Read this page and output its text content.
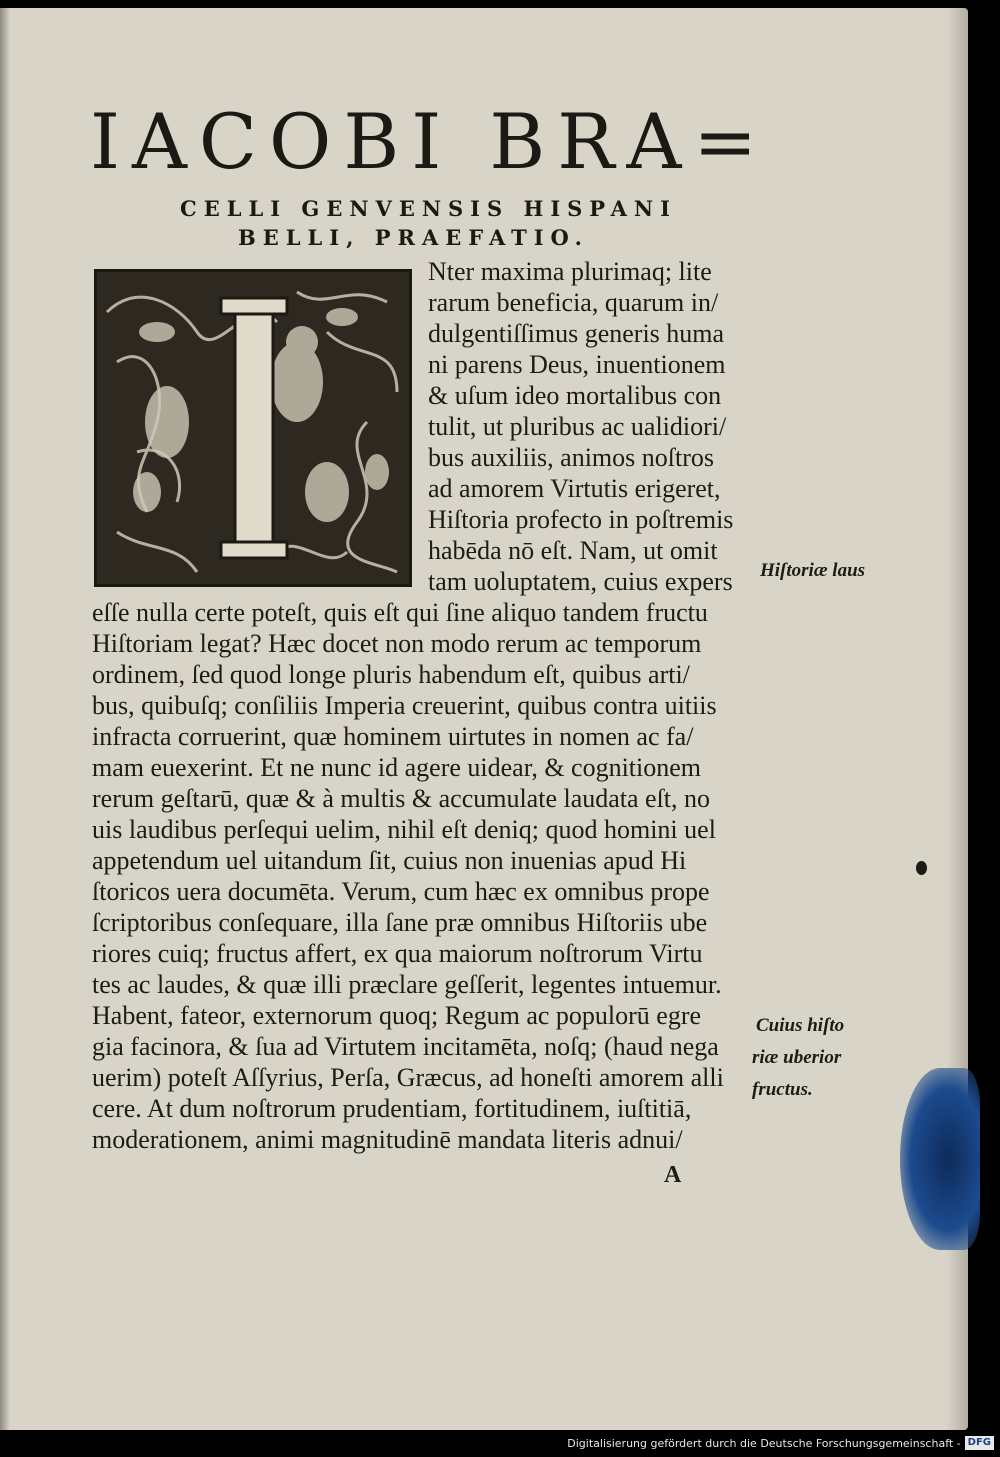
IACOBI BRA=
CELLI GENVENSIS HISPANI
BELLI, PRAEFATIO.
Nter maxima plurimaq; lite
rarum beneficia, quarum in/
dulgentiſſimus generis huma
ni parens Deus, inuentionem
& uſum ideo mortalibus con
tulit, ut pluribus ac ualidiori/
bus auxiliis, animos noſtros
ad amorem Virtutis erigeret,
Hiſtoria profecto in poſtremis
habēda nō eſt. Nam, ut omit
tam uoluptatem, cuius expers
eſſe nulla certe poteſt, quis eſt qui ſine aliquo tandem fructu
Hiſtoriam legat? Hæc docet non modo rerum ac temporum
ordinem, ſed quod longe pluris habendum eſt, quibus arti/
bus, quibuſq; conſiliis Imperia creuerint, quibus contra uitiis
infracta corruerint, quæ hominem uirtutes in nomen ac fa/
mam euexerint. Et ne nunc id agere uidear, & cognitionem
rerum geſtarū, quæ & à multis & accumulate laudata eſt, no
uis laudibus perſequi uelim, nihil eſt deniq; quod homini uel
appetendum uel uitandum ſit, cuius non inuenias apud Hi
ſtoricos uera documēta. Verum, cum hæc ex omnibus prope
ſcriptoribus conſequare, illa ſane præ omnibus Hiſtoriis ube
riores cuiq; fructus affert, ex qua maiorum noſtrorum Virtu
tes ac laudes, & quæ illi præclare geſſerit, legentes intuemur.
Habent, fateor, externorum quoq; Regum ac populorū egre
gia facinora, & ſua ad Virtutem incitamēta, noſq; (haud nega
uerim) poteſt Aſſyrius, Perſa, Græcus, ad honeſti amorem alli
cere. At dum noſtrorum prudentiam, fortitudinem, iuſtitiā,
moderationem, animi magnitudinē mandata literis adnui/
Hiſtoriæ laus
Cuius hiſto
riæ uberior
fructus.
A
Digitalisierung gefördert durch die Deutsche Forschungsgemeinschaft - DFG
